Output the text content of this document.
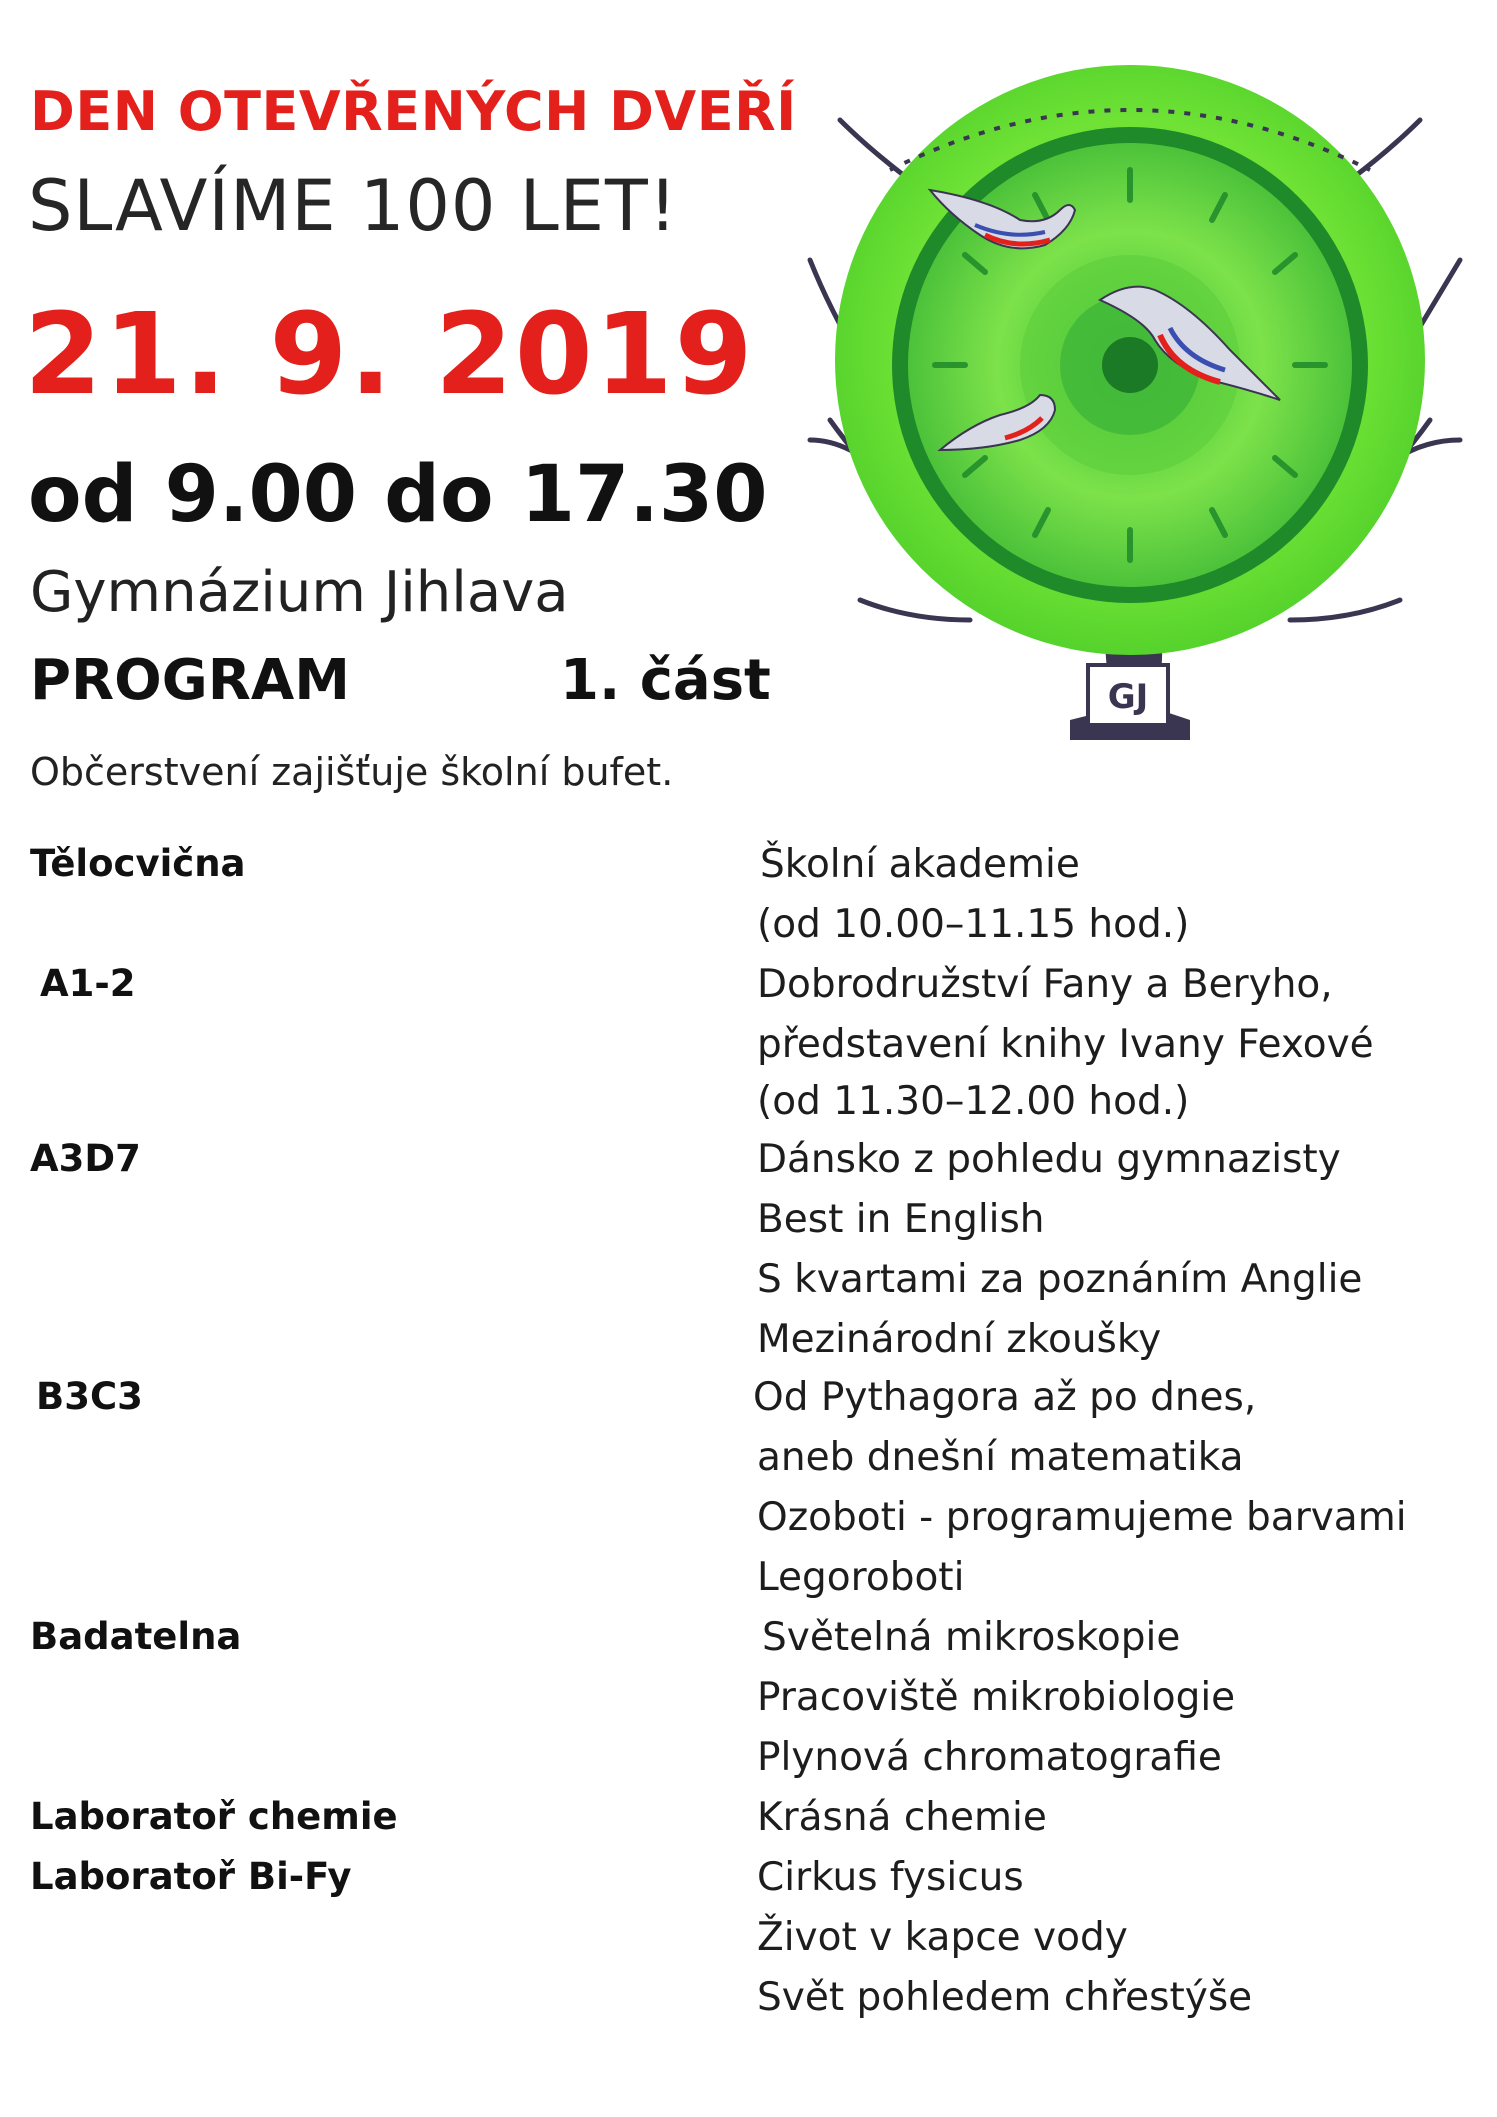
DEN OTEVŘENÝCH DVEŘÍ
SLAVÍME 100 LET!
21. 9. 2019
od 9.00 do 17.30
Gymnázium Jihlava
PROGRAM	1. část
Občerstvení zajišťuje školní bufet.
GJ
Tělocvična
A1-2
A3D7
B3C3
Badatelna
Laboratoř chemie
Laboratoř Bi-Fy
Školní akademie
(od 10.00–11.15 hod.)
Dobrodružství Fany a Beryho,
představení knihy Ivany Fexové
(od 11.30–12.00 hod.)
Dánsko z pohledu gymnazisty
Best in English
S kvartami za poznáním Anglie
Mezinárodní zkoušky
Od Pythagora až po dnes,
aneb dnešní matematika
Ozoboti - programujeme barvami
Legoroboti
Světelná mikroskopie
Pracoviště mikrobiologie
Plynová chromatografie
Krásná chemie
Cirkus fysicus
Život v kapce vody
Svět pohledem chřestýše
